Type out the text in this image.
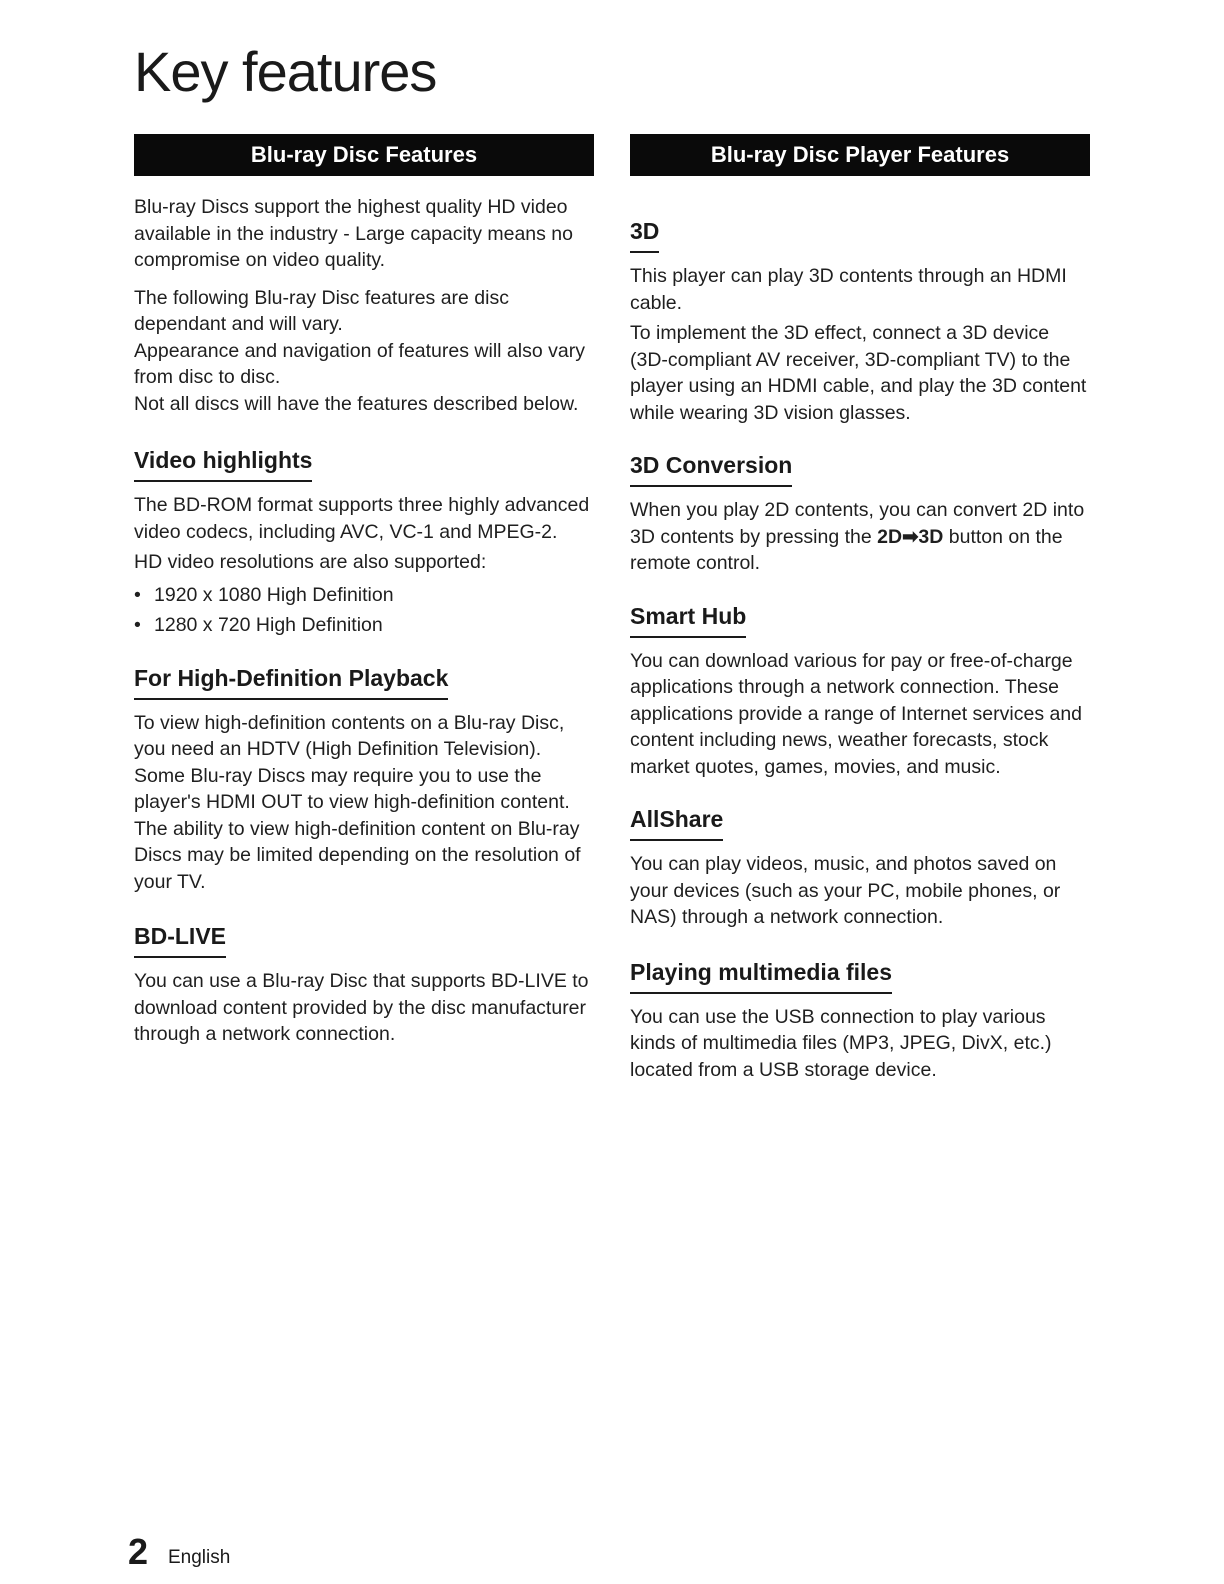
Key features
Blu-ray Disc Features

Blu-ray Discs support the highest quality HD video available in the industry - Large capacity means no compromise on video quality.

The following Blu-ray Disc features are disc dependant and will vary.

Appearance and navigation of features will also vary from disc to disc.

Not all discs will have the features described below.

Video highlights

The BD-ROM format supports three highly advanced video codecs, including AVC, VC-1 and MPEG-2.

HD video resolutions are also supported:

• 1920 x 1080 High Definition
• 1280 x 720 High Definition
For High-Definition Playback

To view high-definition contents on a Blu-ray Disc, you need an HDTV (High Definition Television). Some Blu-ray Discs may require you to use the player's HDMI OUT to view high-definition content. The ability to view high-definition content on Blu-ray Discs may be limited depending on the resolution of your TV.

BD-LIVE

You can use a Blu-ray Disc that supports BD-LIVE to download content provided by the disc manufacturer through a network connection.

Blu-ray Disc Player Features
3D

This player can play 3D contents through an HDMI cable.

To implement the 3D effect, connect a 3D device (3D-compliant AV receiver, 3D-compliant TV) to the player using an HDMI cable, and play the 3D content while wearing 3D vision glasses.

3D Conversion

When you play 2D contents, you can convert 2D into 3D contents by pressing the 2D➡3D button on the remote control.

Smart Hub

You can download various for pay or free-of-charge applications through a network connection. These applications provide a range of Internet services and content including news, weather forecasts, stock market quotes, games, movies, and music.

AllShare

You can play videos, music, and photos saved on your devices (such as your PC, mobile phones, or NAS) through a network connection.

Playing multimedia files

You can use the USB connection to play various kinds of multimedia files (MP3, JPEG, DivX, etc.) located from a USB storage device.

2 English
